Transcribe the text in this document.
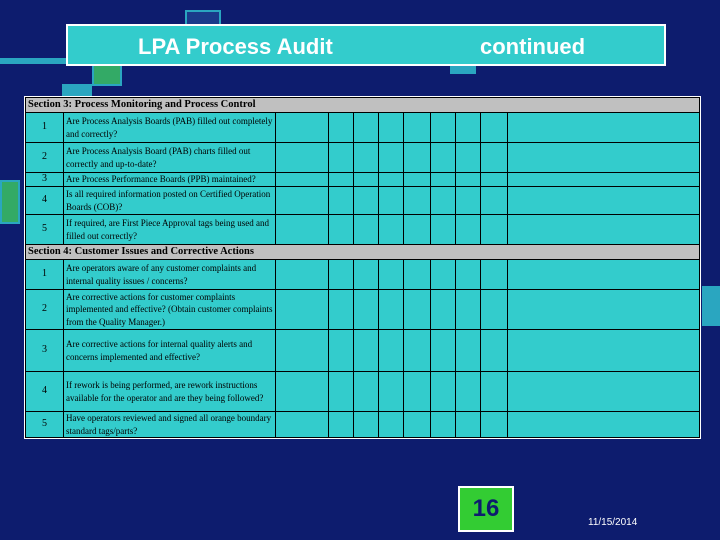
LPA Process Audit	continued
Section 3: Process Monitoring and Process Control										
1	Are Process Analysis Boards (PAB) filled out completely and correctly?									
2	Are Process Analysis Board (PAB) charts filled out correctly and up-to-date?									
3	Are Process Performance Boards (PPB) maintained?									
4	Is all required information posted on Certified Operation Boards (COB)?									
5	If required, are First Piece Approval tags being used and filled out correctly?									
Section 4: Customer Issues and Corrective Actions										
1	Are operators aware of any customer complaints and internal quality issues / concerns?									
2	Are corrective actions for customer complaints implemented and effective? (Obtain customer complaints from the Quality Manager.)									
3	Are corrective actions for internal quality alerts and concerns implemented and effective?									
4	If rework is being performed, are rework instructions available for the operator and are they being followed?									
5	Have operators reviewed and signed all orange boundary standard tags/parts?									
16
11/15/2014
